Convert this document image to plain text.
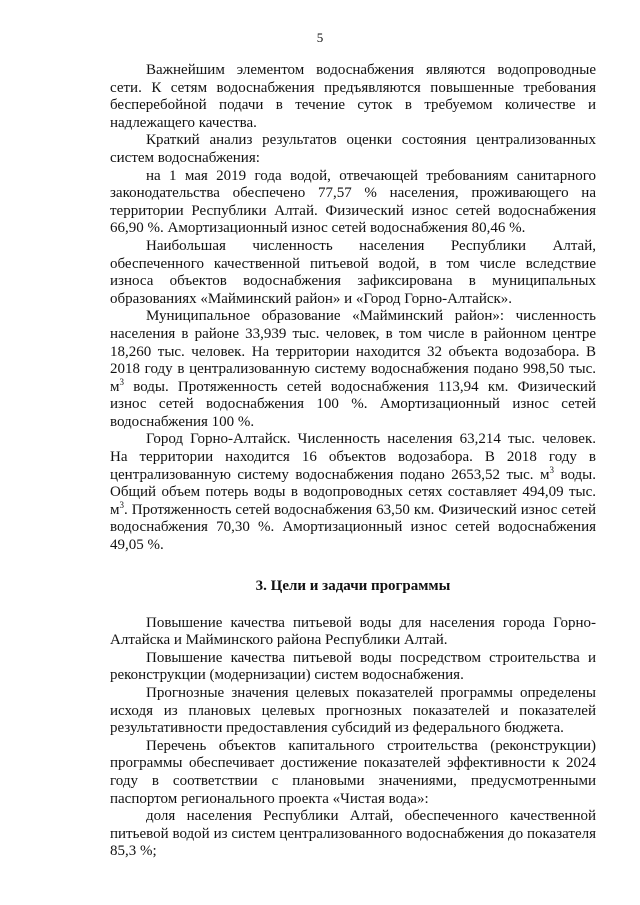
5

Важнейшим элементом водоснабжения являются водопроводные сети. К сетям водоснабжения предъявляются повышенные требования бесперебойной подачи в течение суток в требуемом количестве и надлежащего качества.

Краткий анализ результатов оценки состояния централизованных систем водоснабжения:

на 1 мая 2019 года водой, отвечающей требованиям санитарного законодательства обеспечено 77,57 % населения, проживающего на территории Республики Алтай. Физический износ сетей водоснабжения 66,90 %. Амортизационный износ сетей водоснабжения 80,46 %.

Наибольшая численность населения Республики Алтай, обеспеченного качественной питьевой водой, в том числе вследствие износа объектов водоснабжения зафиксирована в муниципальных образованиях «Майминский район» и «Город Горно-Алтайск».

Муниципальное образование «Майминский район»: численность населения в районе 33,939 тыс. человек, в том числе в районном центре 18,260 тыс. человек. На территории находится 32 объекта водозабора. В 2018 году в централизованную систему водоснабжения подано 998,50 тыс. $м^3$ воды. Протяженность сетей водоснабжения 113,94 км. Физический износ сетей водоснабжения 100 %. Амортизационный износ сетей водоснабжения 100 %.

Город Горно-Алтайск. Численность населения 63,214 тыс. человек. На территории находится 16 объектов водозабора. В 2018 году в централизованную систему водоснабжения подано 2653,52 тыс. $м^3$ воды. Общий объем потерь воды в водопроводных сетях составляет 494,09 тыс. $м^3$. Протяженность сетей водоснабжения 63,50 км. Физический износ сетей водоснабжения 70,30 %. Амортизационный износ сетей водоснабжения 49,05 %.

3. Цели и задачи программы

Повышение качества питьевой воды для населения города Горно-Алтайска и Майминского района Республики Алтай.

Повышение качества питьевой воды посредством строительства и реконструкции (модернизации) систем водоснабжения.

Прогнозные значения целевых показателей программы определены исходя из плановых целевых прогнозных показателей и показателей результативности предоставления субсидий из федерального бюджета.

Перечень объектов капитального строительства (реконструкции) программы обеспечивает достижение показателей эффективности к 2024 году в соответствии с плановыми значениями, предусмотренными паспортом регионального проекта «Чистая вода»:

доля населения Республики Алтай, обеспеченного качественной питьевой водой из систем централизованного водоснабжения до показателя 85,3 %;
